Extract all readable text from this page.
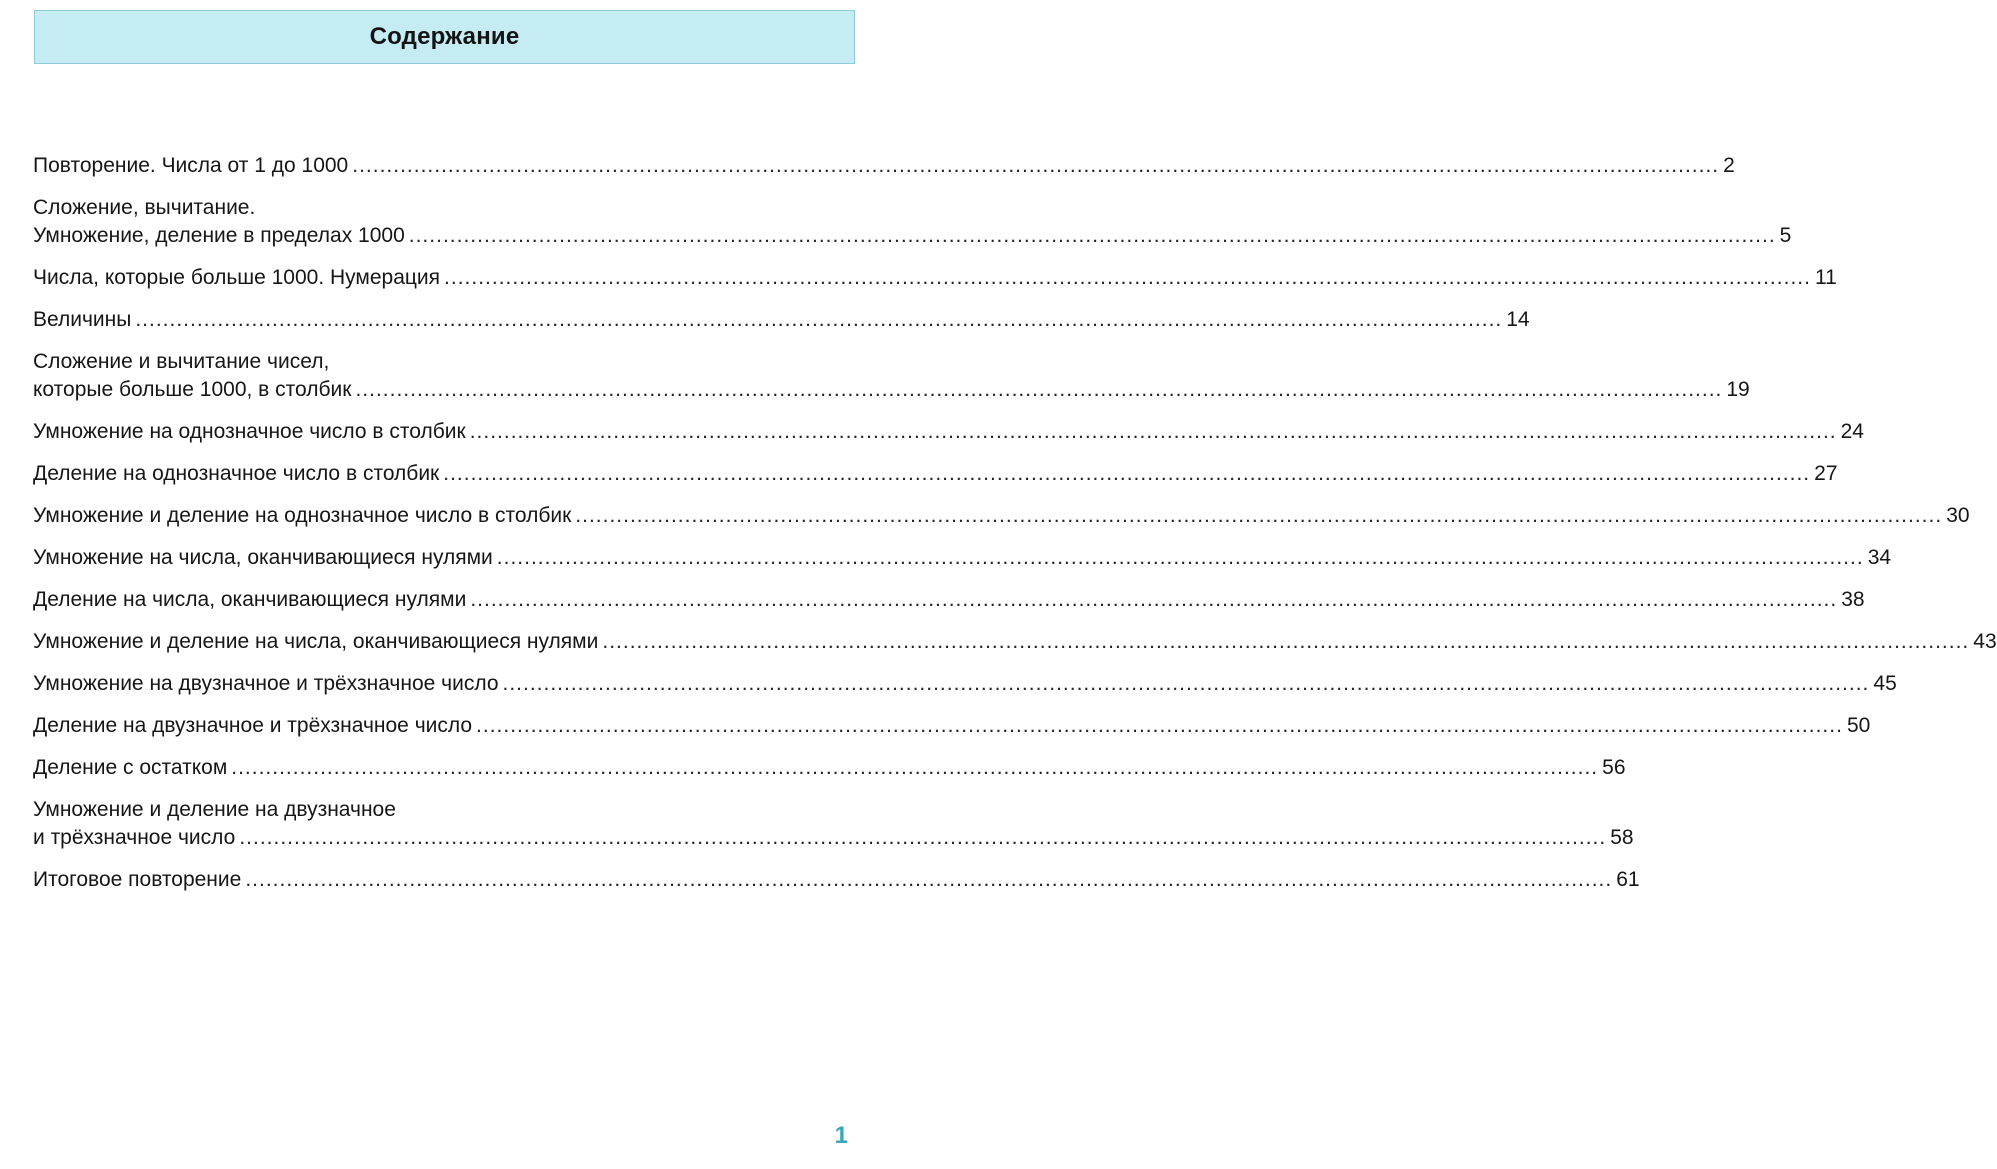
Содержание
Повторение. Числа от 1 до 1000 ........................................................................................................................................................................................................ 2
Сложение, вычитание.
Умножение, деление в пределах 1000 ........................................................................................................................................................................................................ 5
Числа, которые больше 1000. Нумерация ........................................................................................................................................................................................................ 11
Величины ........................................................................................................................................................................................................ 14
Сложение и вычитание чисел,
которые больше 1000, в столбик ........................................................................................................................................................................................................ 19
Умножение на однозначное число в столбик ........................................................................................................................................................................................................ 24
Деление на однозначное число в столбик ........................................................................................................................................................................................................ 27
Умножение и деление на однозначное число в столбик ........................................................................................................................................................................................................ 30
Умножение на числа, оканчивающиеся нулями ........................................................................................................................................................................................................ 34
Деление на числа, оканчивающиеся нулями ........................................................................................................................................................................................................ 38
Умножение и деление на числа, оканчивающиеся нулями ........................................................................................................................................................................................................ 43
Умножение на двузначное и трёхзначное число ........................................................................................................................................................................................................ 45
Деление на двузначное и трёхзначное число ........................................................................................................................................................................................................ 50
Деление с остатком ........................................................................................................................................................................................................ 56
Умножение и деление на двузначное
и трёхзначное число ........................................................................................................................................................................................................ 58
Итоговое повторение ........................................................................................................................................................................................................ 61
1
